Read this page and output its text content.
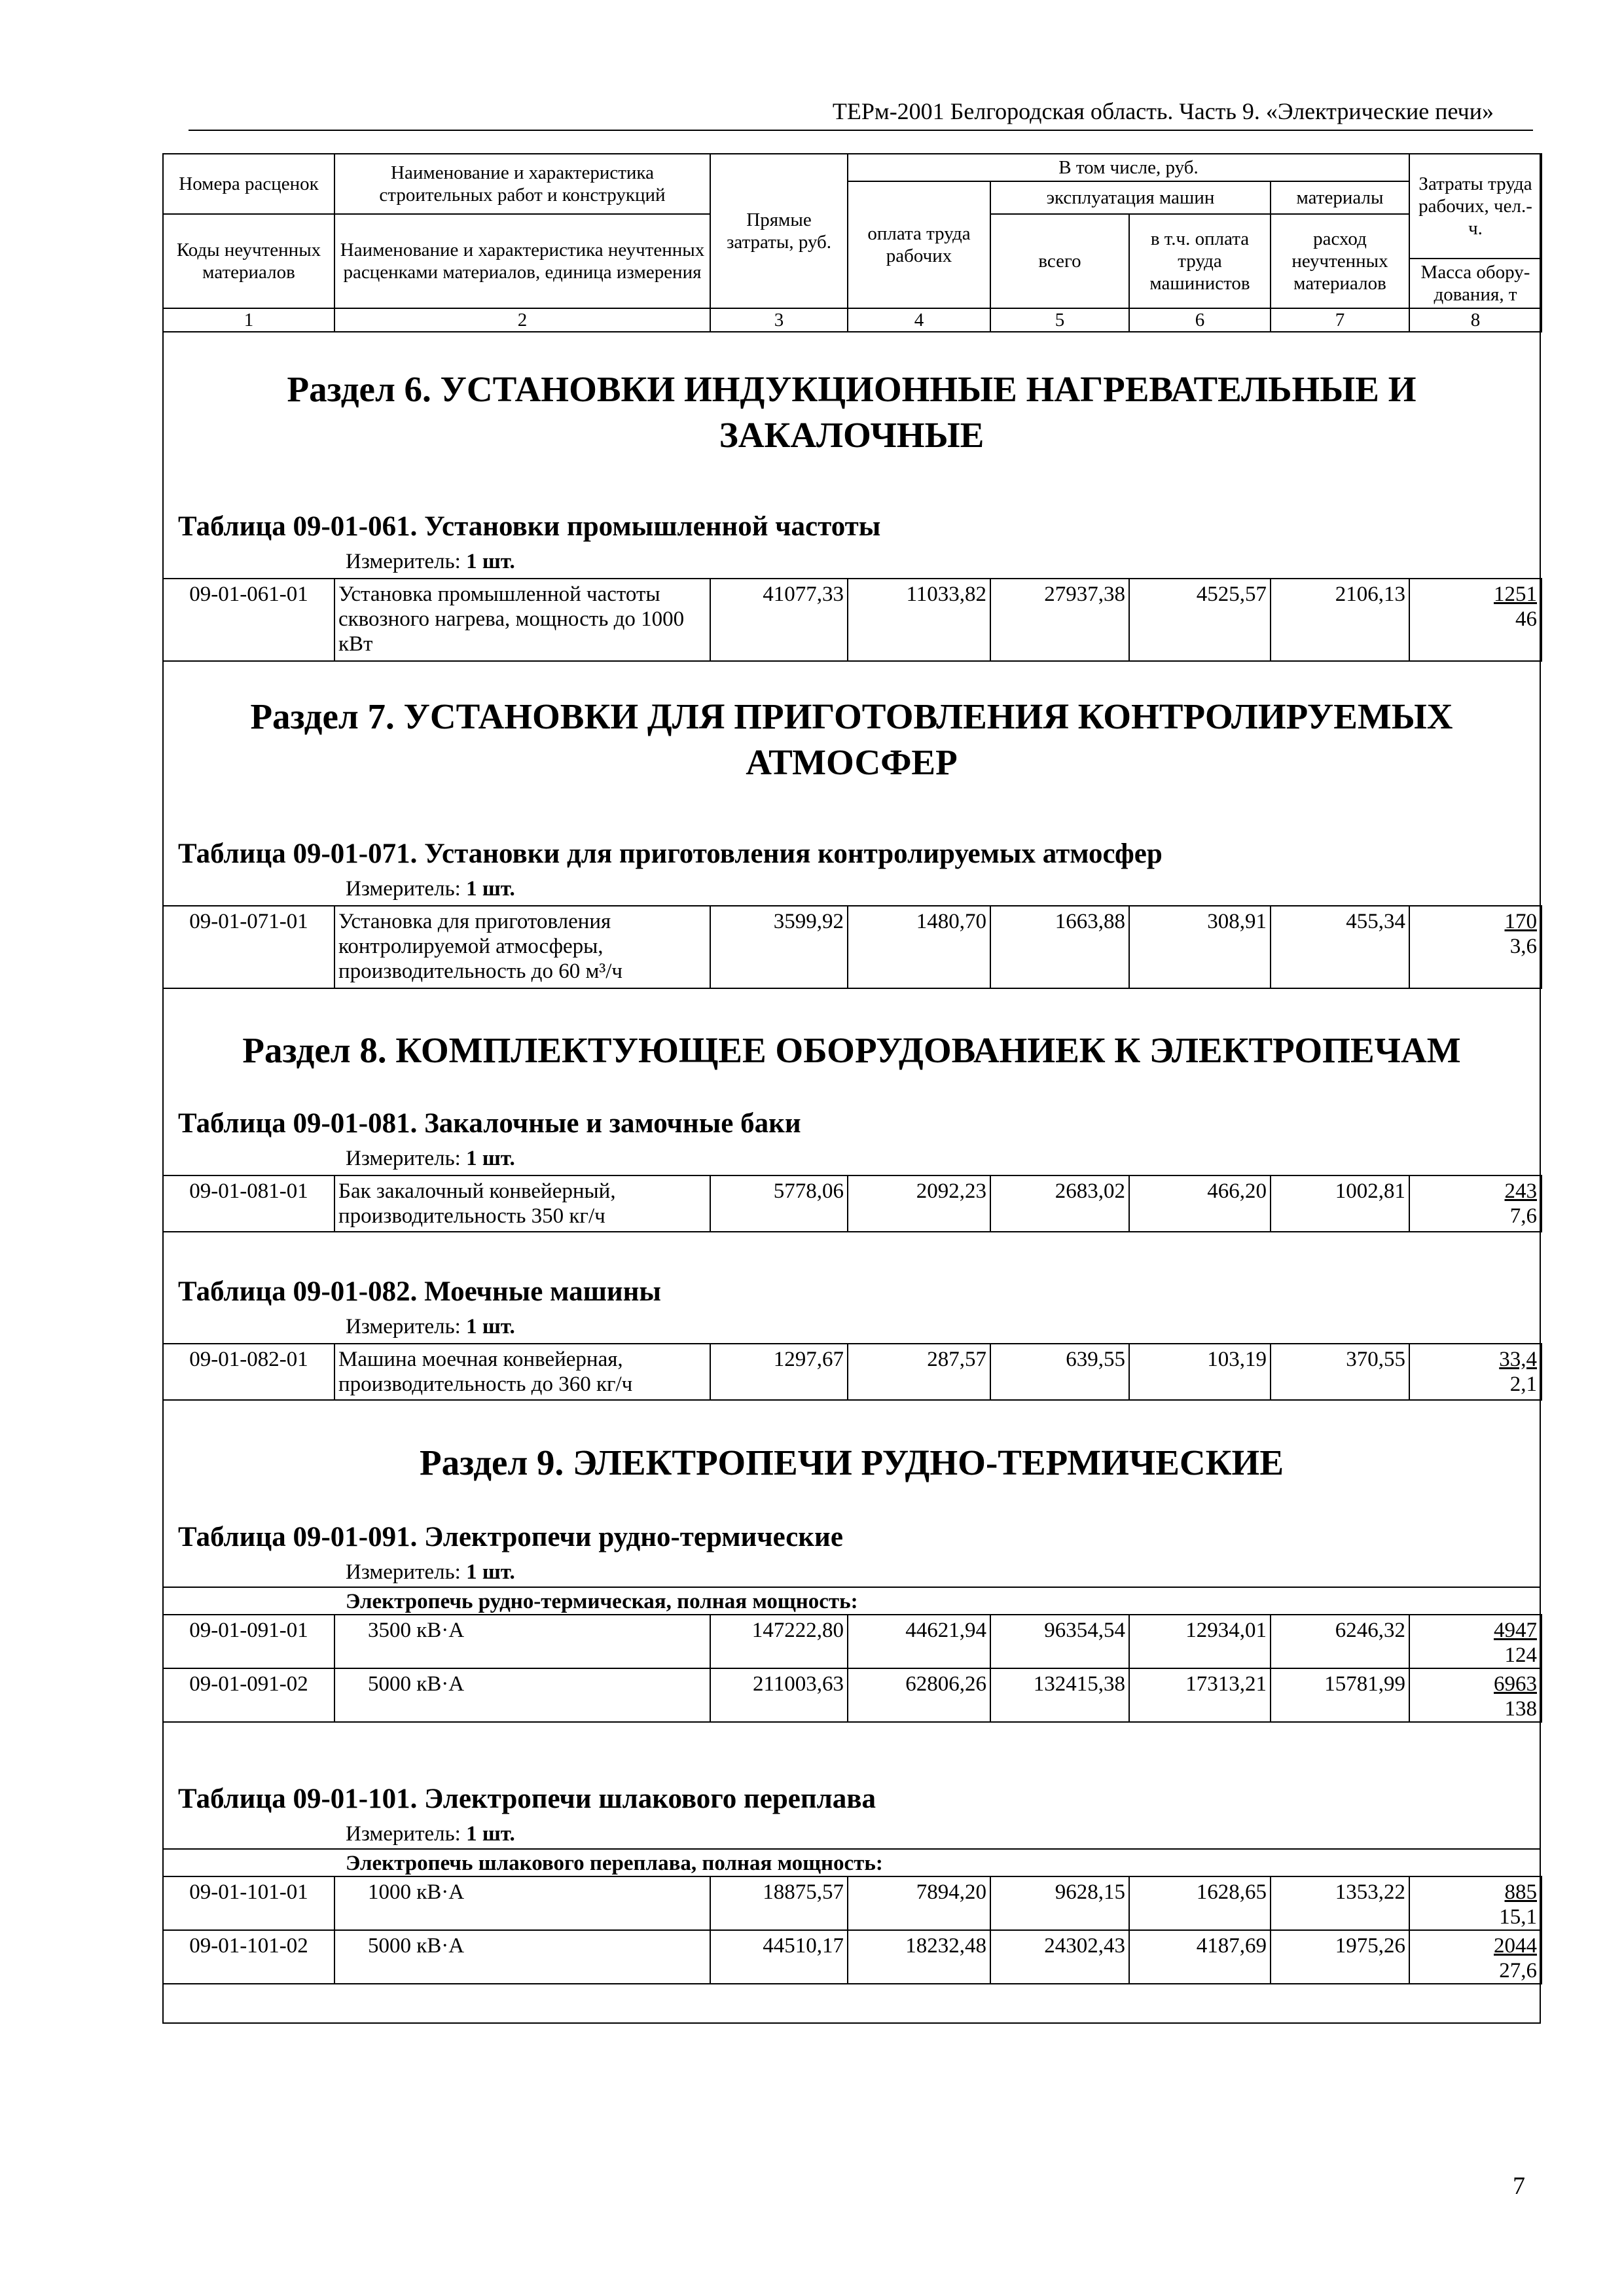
ТЕРм-2001 Белгородская область. Часть 9. «Электрические печи»
Номера расценок	Наименование и характеристика строительных работ и конструкций	Прямые затраты, руб.	В том числе, руб.				Затраты труда рабочих, чел.-ч.
			оплата труда рабочих	эксплуатация машин		материалы	
Коды неучтенных материалов	Наименование и характеристика неучтенных расценками материалов, единица измерения			всего	в т.ч. оплата труда машинистов	расход неучтенных материалов	
							Масса обору-дования, т
1	2	3	4	5	6	7	8
Раздел 6. УСТАНОВКИ ИНДУКЦИОННЫЕ НАГРЕВАТЕЛЬНЫЕ И ЗАКАЛОЧНЫЕ
Таблица 09-01-061. Установки промышленной частоты
Измеритель: 1 шт.
09-01-061-01	Установка промышленной частоты сквозного нагрева, мощность до 1000 кВт	41077,33	11033,82	27937,38	4525,57	2106,13	1251
46
Раздел 7. УСТАНОВКИ ДЛЯ ПРИГОТОВЛЕНИЯ КОНТРОЛИРУЕМЫХ АТМОСФЕР
Таблица 09-01-071. Установки для приготовления контролируемых атмосфер
Измеритель: 1 шт.
09-01-071-01	Установка для приготовления контролируемой атмосферы, производительность до 60 м³/ч	3599,92	1480,70	1663,88	308,91	455,34	170
3,6
Раздел 8. КОМПЛЕКТУЮЩЕЕ ОБОРУДОВАНИЕК К ЭЛЕКТРОПЕЧАМ
Таблица 09-01-081. Закалочные и замочные баки
Измеритель: 1 шт.
09-01-081-01	Бак закалочный конвейерный, производительность 350 кг/ч	5778,06	2092,23	2683,02	466,20	1002,81	243
7,6
Таблица 09-01-082. Моечные машины
Измеритель: 1 шт.
09-01-082-01	Машина моечная конвейерная, производительность до 360 кг/ч	1297,67	287,57	639,55	103,19	370,55	33,4
2,1
Раздел 9. ЭЛЕКТРОПЕЧИ РУДНО-ТЕРМИЧЕСКИЕ
Таблица 09-01-091. Электропечи рудно-термические
Измеритель: 1 шт.
Электропечь рудно-термическая, полная мощность:
09-01-091-01	3500 кВ·А	147222,80	44621,94	96354,54	12934,01	6246,32	4947
124

09-01-091-02	5000 кВ·А	211003,63	62806,26	132415,38	17313,21	15781,99	6963
138
Таблица 09-01-101. Электропечи шлакового переплава
Измеритель: 1 шт.
Электропечь шлакового переплава, полная мощность:
09-01-101-01	1000 кВ·А	18875,57	7894,20	9628,15	1628,65	1353,22	885
15,1

09-01-101-02	5000 кВ·А	44510,17	18232,48	24302,43	4187,69	1975,26	2044
27,6
7
